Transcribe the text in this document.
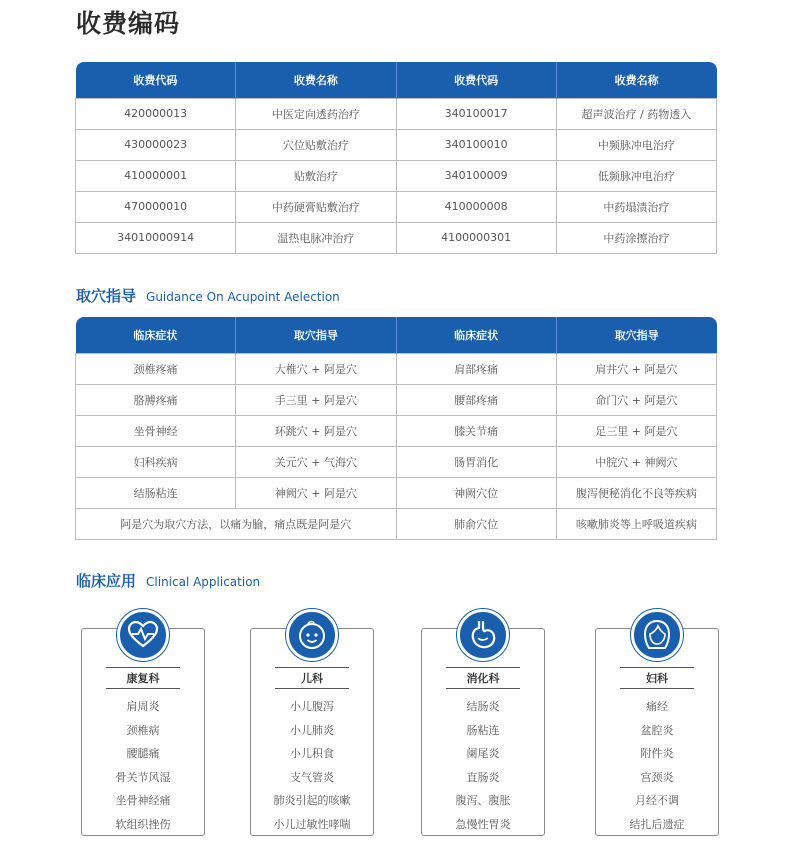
收费编码
收费代码	收费名称	收费代码	收费名称
420000013	中医定向透药治疗	340100017	超声波治疗 / 药物透入
430000023	穴位贴敷治疗	340100010	中频脉冲电治疗
410000001	贴敷治疗	340100009	低频脉冲电治疗
470000010	中药硬膏贴敷治疗	410000008	中药塌渍治疗
34010000914	温热电脉冲治疗	4100000301	中药涂擦治疗
取穴指导 Guidance On Acupoint Aelection
临床症状	取穴指导	临床症状	取穴指导
颈椎疼痛	大椎穴 + 阿是穴	肩部疼痛	肩井穴 + 阿是穴
胳膊疼痛	手三里 + 阿是穴	腰部疼痛	命门穴 + 阿是穴
坐骨神经	环跳穴 + 阿是穴	膝关节痛	足三里 + 阿是穴
妇科疾病	关元穴 + 气海穴	肠胃消化	中脘穴 + 神阙穴
结肠粘连	神阙穴 + 阿是穴	神阙穴位	腹泻便秘消化不良等疾病
阿是穴为取穴方法，以痛为腧，痛点既是阿是穴		肺俞穴位	咳嗽肺炎等上呼吸道疾病
临床应用 Clinical Application
康复科
肩周炎
颈椎病
腰腿痛
骨关节风湿
坐骨神经痛
软组织挫伤
儿科
小儿腹泻
小儿肺炎
小儿积食
支气管炎
肺炎引起的咳嗽
小儿过敏性哮喘
消化科
结肠炎
肠粘连
阑尾炎
直肠炎
腹泻、腹胀
急慢性胃炎
妇科
痛经
盆腔炎
附件炎
宫颈炎
月经不调
结扎后遗症
